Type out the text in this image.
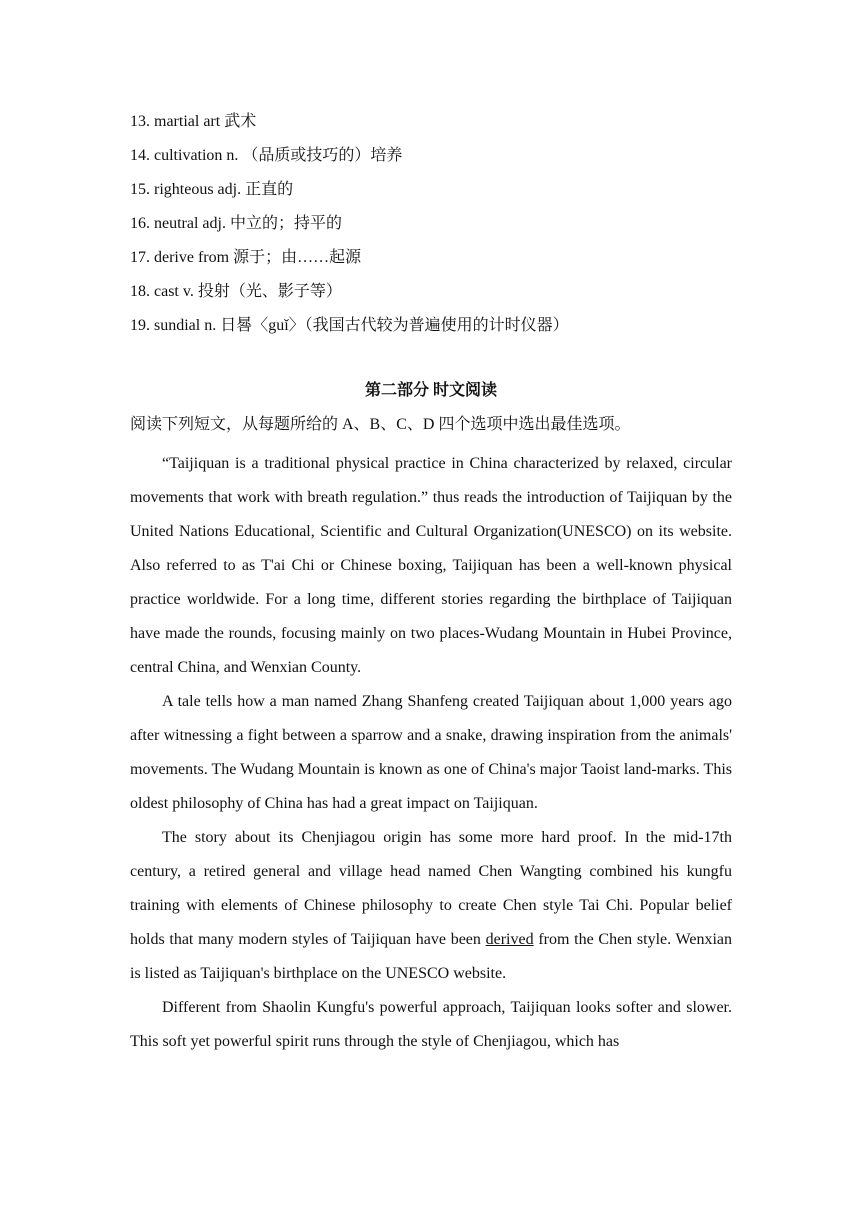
13. martial art 武术
14. cultivation n. （品质或技巧的）培养
15. righteous adj. 正直的
16. neutral adj. 中立的；持平的
17. derive from 源于；由……起源
18. cast v. 投射（光、影子等）
19. sundial n. 日晷〈guǐ〉（我国古代较为普遍使用的计时仪器）
第二部分 时文阅读

阅读下列短文，从每题所给的 A、B、C、D 四个选项中选出最佳选项。

“Taijiquan is a traditional physical practice in China characterized by relaxed, circular movements that work with breath regulation.” thus reads the introduction of Taijiquan by the United Nations Educational, Scientific and Cultural Organization(UNESCO) on its website. Also referred to as T'ai Chi or Chinese boxing, Taijiquan has been a well-known physical practice worldwide. For a long time, different stories regarding the birthplace of Taijiquan have made the rounds, focusing mainly on two places-Wudang Mountain in Hubei Province, central China, and Wenxian County.

A tale tells how a man named Zhang Shanfeng created Taijiquan about 1,000 years ago after witnessing a fight between a sparrow and a snake, drawing inspiration from the animals' movements. The Wudang Mountain is known as one of China's major Taoist land-marks. This oldest philosophy of China has had a great impact on Taijiquan.

The story about its Chenjiagou origin has some more hard proof. In the mid-17th century, a retired general and village head named Chen Wangting combined his kungfu training with elements of Chinese philosophy to create Chen style Tai Chi. Popular belief holds that many modern styles of Taijiquan have been derived from the Chen style. Wenxian is listed as Taijiquan's birthplace on the UNESCO website.

Different from Shaolin Kungfu's powerful approach, Taijiquan looks softer and slower. This soft yet powerful spirit runs through the style of Chenjiagou, which has
